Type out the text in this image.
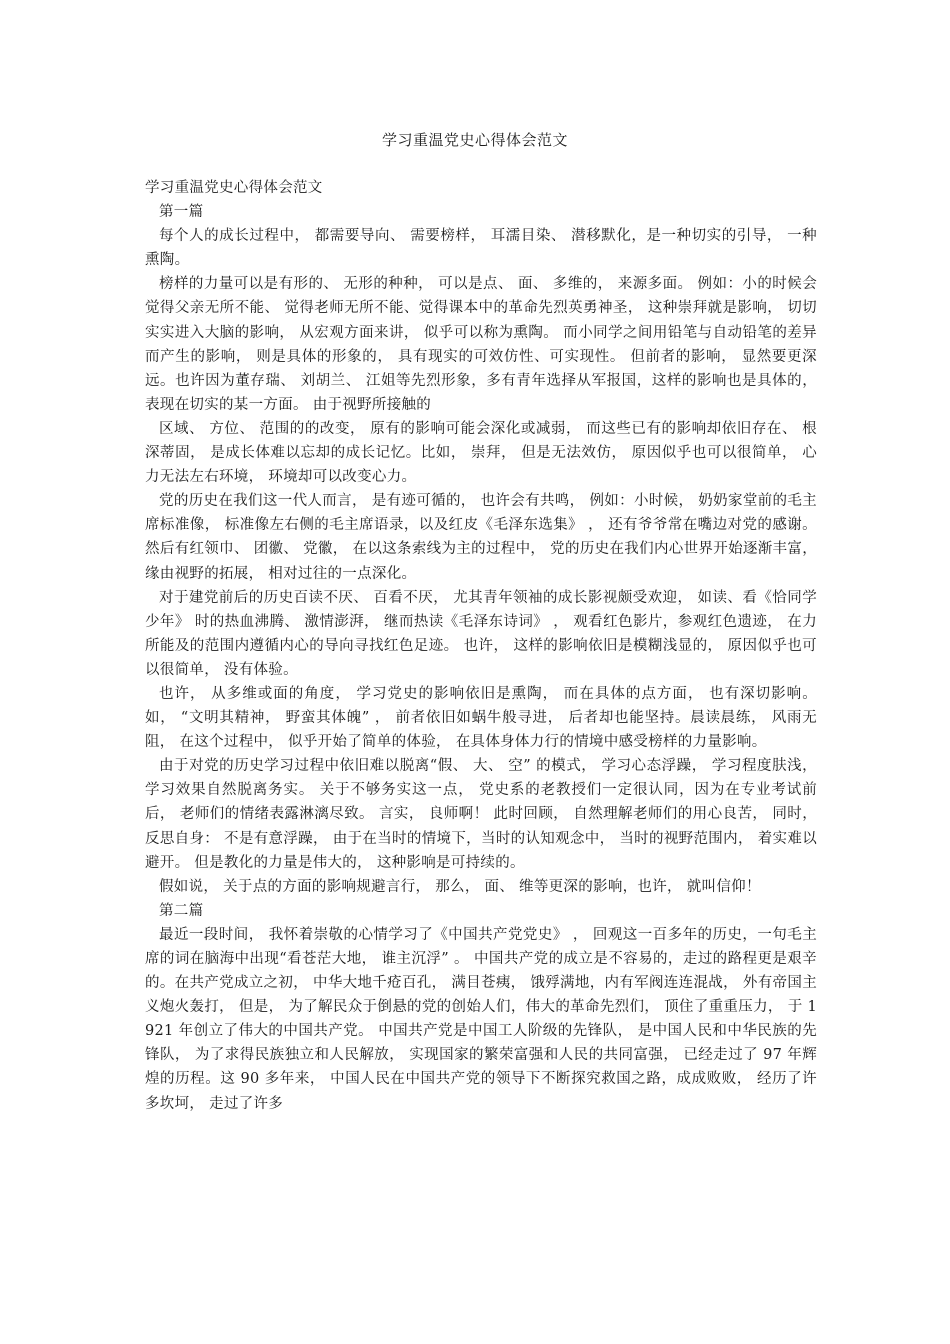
学习重温党史心得体会范文

学习重温党史心得体会范文

第一篇

每个人的成长过程中， 都需要导向、 需要榜样， 耳濡目染、 潜移默化，是一种切实的引导， 一种熏陶。

榜样的力量可以是有形的、 无形的种种， 可以是点、 面、 多维的， 来源多面。 例如：小的时候会觉得父亲无所不能、 觉得老师无所不能、觉得课本中的革命先烈英勇神圣， 这种崇拜就是影响， 切切实实进入大脑的影响， 从宏观方面来讲， 似乎可以称为熏陶。 而小同学之间用铅笔与自动铅笔的差异而产生的影响， 则是具体的形象的， 具有现实的可效仿性、可实现性。 但前者的影响， 显然要更深远。也许因为董存瑞、 刘胡兰、 江姐等先烈形象，多有青年选择从军报国，这样的影响也是具体的， 表现在切实的某一方面。 由于视野所接触的

区域、 方位、 范围的的改变， 原有的影响可能会深化或减弱， 而这些已有的影响却依旧存在、 根深蒂固， 是成长体难以忘却的成长记忆。比如， 崇拜， 但是无法效仿， 原因似乎也可以很简单， 心力无法左右环境， 环境却可以改变心力。

党的历史在我们这一代人而言， 是有迹可循的， 也许会有共鸣， 例如：小时候， 奶奶家堂前的毛主席标准像， 标准像左右侧的毛主席语录，以及红皮《毛泽东选集》 ， 还有爷爷常在嘴边对党的感谢。 然后有红领巾、 团徽、 党徽， 在以这条索线为主的过程中， 党的历史在我们内心世界开始逐渐丰富， 缘由视野的拓展， 相对过往的一点深化。

对于建党前后的历史百读不厌、 百看不厌， 尤其青年领袖的成长影视颇受欢迎， 如读、看《恰同学少年》 时的热血沸腾、 激情澎湃， 继而热读《毛泽东诗词》 ， 观看红色影片，参观红色遗迹， 在力所能及的范围内遵循内心的导向寻找红色足迹。 也许， 这样的影响依旧是模糊浅显的， 原因似乎也可以很简单， 没有体验。

也许， 从多维或面的角度， 学习党史的影响依旧是熏陶， 而在具体的点方面， 也有深切影响。 如， “文明其精神， 野蛮其体魄” ， 前者依旧如蜗牛般寻进， 后者却也能坚持。晨读晨练， 风雨无阻， 在这个过程中， 似乎开始了简单的体验， 在具体身体力行的情境中感受榜样的力量影响。

由于对党的历史学习过程中依旧难以脱离“假、 大、 空” 的模式， 学习心态浮躁， 学习程度肤浅， 学习效果自然脱离务实。 关于不够务实这一点， 党史系的老教授们一定很认同，因为在专业考试前后， 老师们的情绪表露淋漓尽致。 言实， 良师啊！ 此时回顾， 自然理解老师们的用心良苦， 同时， 反思自身： 不是有意浮躁， 由于在当时的情境下，当时的认知观念中， 当时的视野范围内， 着实难以避开。 但是教化的力量是伟大的， 这种影响是可持续的。

假如说， 关于点的方面的影响规避言行， 那么， 面、 维等更深的影响，也许， 就叫信仰！

第二篇

最近一段时间， 我怀着崇敬的心情学习了《中国共产党党史》 ， 回观这一百多年的历史，一句毛主席的词在脑海中出现“看苍茫大地， 谁主沉浮” 。 中国共产党的成立是不容易的，走过的路程更是艰辛的。在共产党成立之初， 中华大地千疮百孔， 满目苍痍， 饿殍满地，内有军阀连连混战， 外有帝国主义炮火轰打， 但是， 为了解民众于倒悬的党的创始人们，伟大的革命先烈们， 顶住了重重压力， 于 1 921 年创立了伟大的中国共产党。 中国共产党是中国工人阶级的先锋队， 是中国人民和中华民族的先锋队， 为了求得民族独立和人民解放， 实现国家的繁荣富强和人民的共同富强， 已经走过了 97 年辉煌的历程。这 90 多年来， 中国人民在中国共产党的领导下不断探究救国之路，成成败败， 经历了许多坎坷， 走过了许多
